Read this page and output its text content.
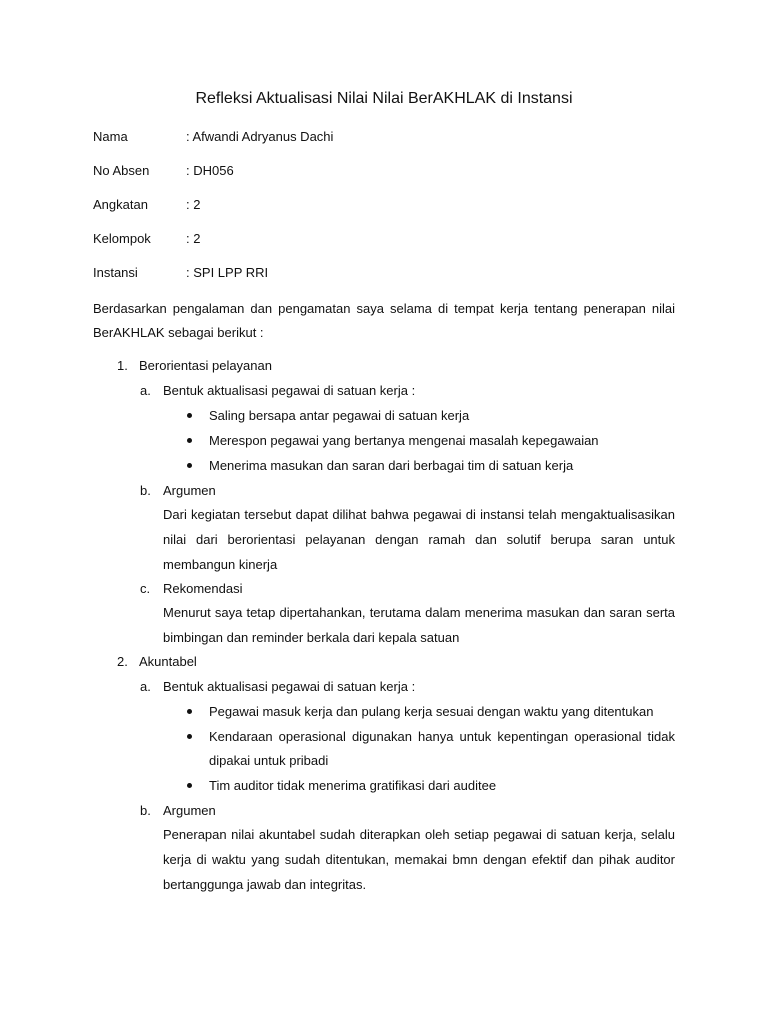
Refleksi Aktualisasi Nilai Nilai BerAKHLAK di Instansi
Nama	: Afwandi Adryanus Dachi
No Absen	: DH056
Angkatan	: 2
Kelompok	: 2
Instansi	: SPI LPP RRI
Berdasarkan pengalaman dan pengamatan saya selama di tempat kerja tentang penerapan nilai BerAKHLAK sebagai berikut :
1. Berorientasi pelayanan
a. Bentuk aktualisasi pegawai di satuan kerja :
Saling bersapa antar pegawai di satuan kerja
Merespon pegawai yang bertanya mengenai masalah kepegawaian
Menerima masukan dan saran dari berbagai tim di satuan kerja
b. Argumen
Dari kegiatan tersebut dapat dilihat bahwa pegawai di instansi telah mengaktualisasikan nilai dari berorientasi pelayanan dengan ramah dan solutif berupa saran untuk membangun kinerja
c. Rekomendasi
Menurut saya tetap dipertahankan, terutama dalam menerima masukan dan saran serta bimbingan dan reminder berkala dari kepala satuan
2. Akuntabel
a. Bentuk aktualisasi pegawai di satuan kerja :
Pegawai masuk kerja dan pulang kerja sesuai dengan waktu yang ditentukan
Kendaraan operasional digunakan hanya untuk kepentingan operasional tidak dipakai untuk pribadi
Tim auditor tidak menerima gratifikasi dari auditee
b. Argumen
Penerapan nilai akuntabel sudah diterapkan oleh setiap pegawai di satuan kerja, selalu kerja di waktu yang sudah ditentukan, memakai bmn dengan efektif dan pihak auditor bertanggunga jawab dan integritas.
